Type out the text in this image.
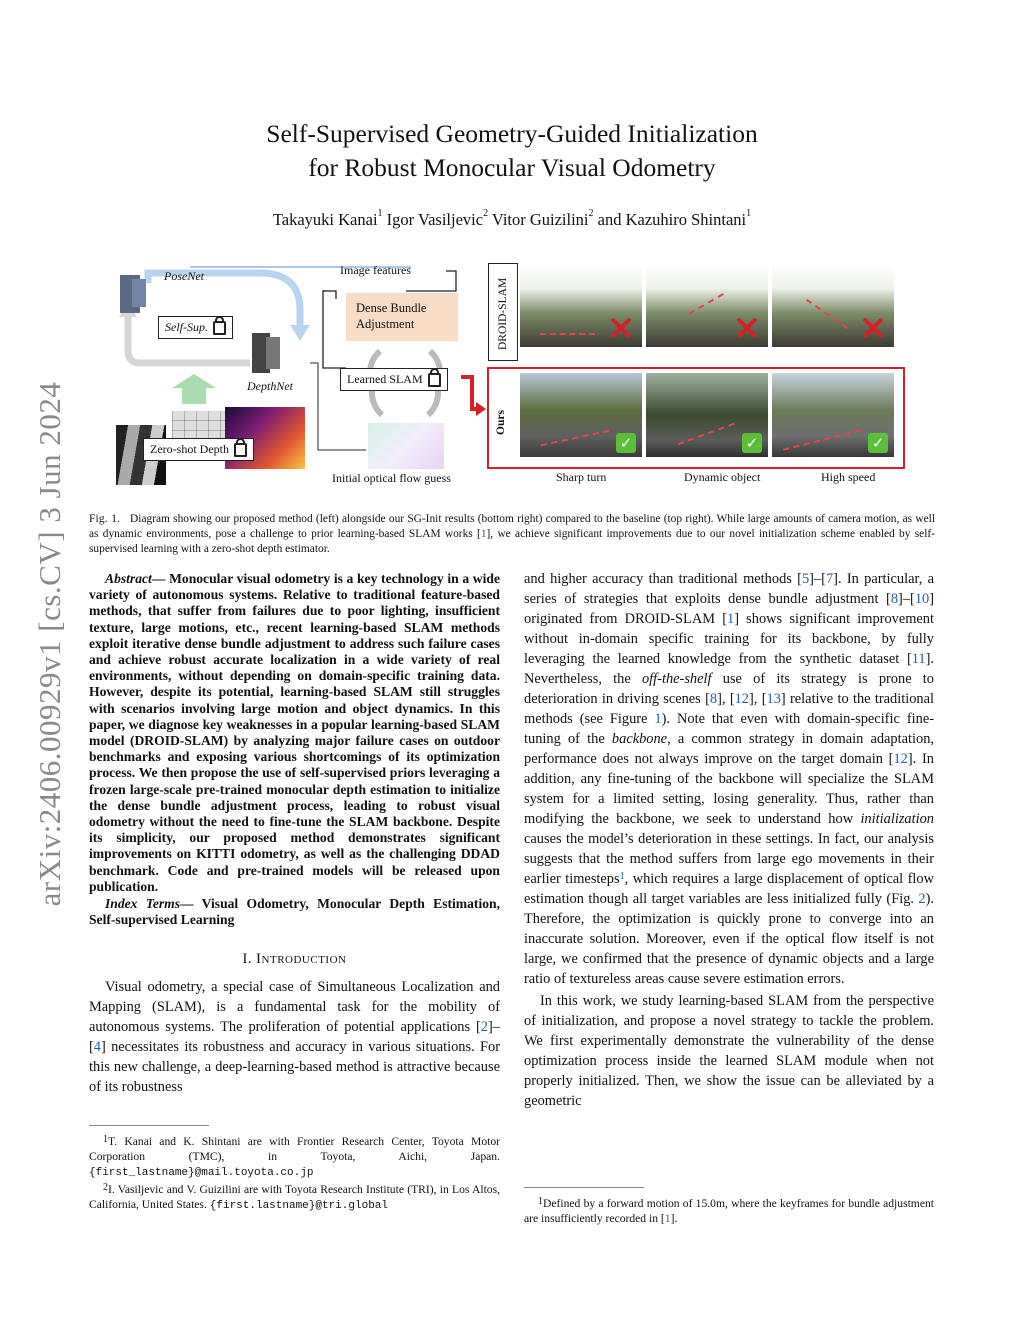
arXiv:2406.00929v1 [cs.CV] 3 Jun 2024
Self-Supervised Geometry-Guided Initialization
for Robust Monocular Visual Odometry
Takayuki Kanai$^1$ Igor Vasiljevic$^2$ Vitor Guizilini$^2$ and Kazuhiro Shintani$^1$
PoseNet
Self-Sup.
DepthNet
Zero-shot Depth
Image features
Dense Bundle
Adjustment
Learned SLAM
Initial optical flow guess
DROID-SLAM
Ours
✓	✓	✓
Sharp turn	Dynamic object	High speed
Fig. 1. Diagram showing our proposed method (left) alongside our SG-Init results (bottom right) compared to the baseline (top right). While large amounts of camera motion, as well as dynamic environments, pose a challenge to prior learning-based SLAM works [1], we achieve significant improvements due to our novel initialization scheme enabled by self-supervised learning with a zero-shot depth estimator.

Abstract— Monocular visual odometry is a key technology in a wide variety of autonomous systems. Relative to traditional feature-based methods, that suffer from failures due to poor lighting, insufficient texture, large motions, etc., recent learning-based SLAM methods exploit iterative dense bundle adjustment to address such failure cases and achieve robust accurate localization in a wide variety of real environments, without depending on domain-specific training data. However, despite its potential, learning-based SLAM still struggles with scenarios involving large motion and object dynamics. In this paper, we diagnose key weaknesses in a popular learning-based SLAM model (DROID-SLAM) by analyzing major failure cases on outdoor benchmarks and exposing various shortcomings of its optimization process. We then propose the use of self-supervised priors leveraging a frozen large-scale pre-trained monocular depth estimation to initialize the dense bundle adjustment process, leading to robust visual odometry without the need to fine-tune the SLAM backbone. Despite its simplicity, our proposed method demonstrates significant improvements on KITTI odometry, as well as the challenging DDAD benchmark. Code and pre-trained models will be released upon publication.

Index Terms— Visual Odometry, Monocular Depth Estimation, Self-supervised Learning

I. Introduction

Visual odometry, a special case of Simultaneous Localization and Mapping (SLAM), is a fundamental task for the mobility of autonomous systems. The proliferation of potential applications [2]–[4] necessitates its robustness and accuracy in various situations. For this new challenge, a deep-learning-based method is attractive because of its robustness

$^1$T. Kanai and K. Shintani are with Frontier Research Center, Toyota Motor Corporation (TMC), in Toyota, Aichi, Japan. {first_lastname}@mail.toyota.co.jp
$^2$I. Vasiljevic and V. Guizilini are with Toyota Research Institute (TRI), in Los Altos, California, United States. {first.lastname}@tri.global

and higher accuracy than traditional methods [5]–[7]. In particular, a series of strategies that exploits dense bundle adjustment [8]–[10] originated from DROID-SLAM [1] shows significant improvement without in-domain specific training for its backbone, by fully leveraging the learned knowledge from the synthetic dataset [11]. Nevertheless, the off-the-shelf use of its strategy is prone to deterioration in driving scenes [8], [12], [13] relative to the traditional methods (see Figure 1). Note that even with domain-specific fine-tuning of the backbone, a common strategy in domain adaptation, performance does not always improve on the target domain [12]. In addition, any fine-tuning of the backbone will specialize the SLAM system for a limited setting, losing generality. Thus, rather than modifying the backbone, we seek to understand how initialization causes the model’s deterioration in these settings. In fact, our analysis suggests that the method suffers from large ego movements in their earlier timesteps$^1$, which requires a large displacement of optical flow estimation though all target variables are less initialized fully (Fig. 2). Therefore, the optimization is quickly prone to converge into an inaccurate solution. Moreover, even if the optical flow itself is not large, we confirmed that the presence of dynamic objects and a large ratio of textureless areas cause severe estimation errors.

In this work, we study learning-based SLAM from the perspective of initialization, and propose a novel strategy to tackle the problem. We first experimentally demonstrate the vulnerability of the dense optimization process inside the learned SLAM module when not properly initialized. Then, we show the issue can be alleviated by a geometric

$^1$Defined by a forward motion of 15.0m, where the keyframes for bundle adjustment are insufficiently recorded in [1].
